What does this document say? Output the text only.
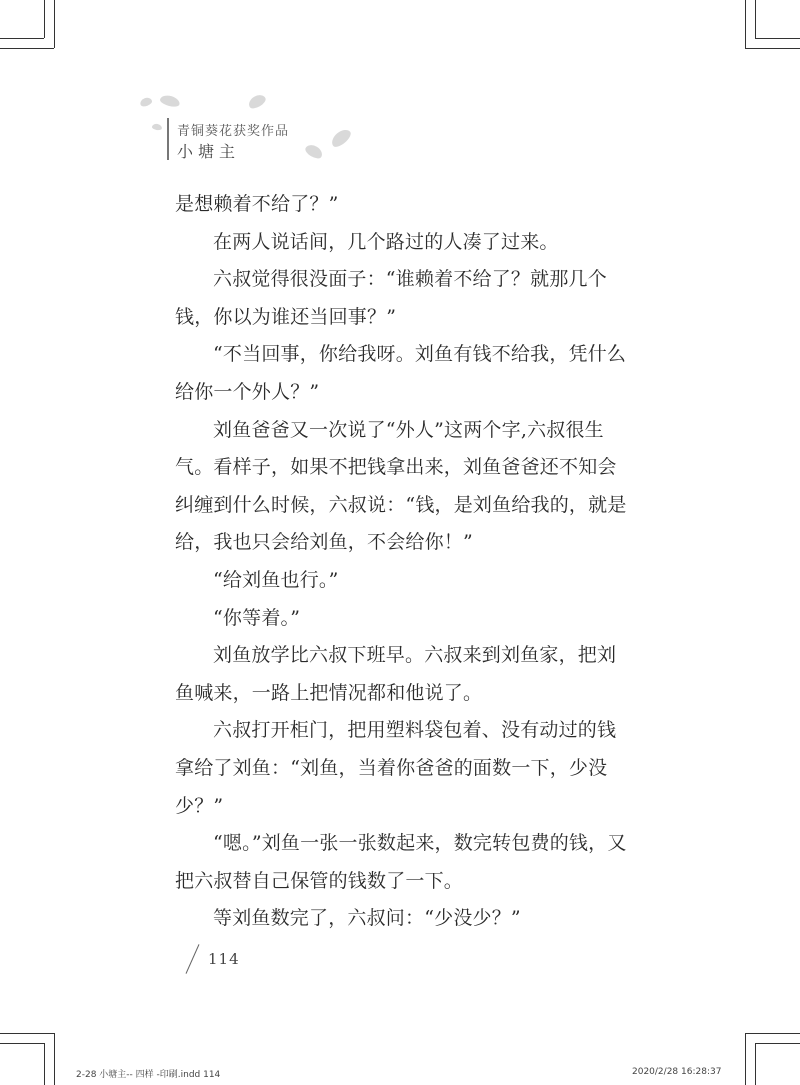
青铜葵花获奖作品
小塘主

是想赖着不给了？”

在两人说话间，几个路过的人凑了过来。

六叔觉得很没面子：“谁赖着不给了？就那几个钱，你以为谁还当回事？”

“不当回事，你给我呀。刘鱼有钱不给我，凭什么给你一个外人？”

刘鱼爸爸又一次说了“外人”这两个字,六叔很生气。看样子，如果不把钱拿出来，刘鱼爸爸还不知会纠缠到什么时候，六叔说：“钱，是刘鱼给我的，就是给，我也只会给刘鱼，不会给你！”

“给刘鱼也行。”

“你等着。”

刘鱼放学比六叔下班早。六叔来到刘鱼家，把刘鱼喊来，一路上把情况都和他说了。

六叔打开柜门，把用塑料袋包着、没有动过的钱拿给了刘鱼：“刘鱼，当着你爸爸的面数一下，少没少？”

“嗯。”刘鱼一张一张数起来，数完转包费的钱，又把六叔替自己保管的钱数了一下。

等刘鱼数完了，六叔问：“少没少？”

114
2-28 小塘主-- 四样 -印刷.indd 114	2020/2/28 16:28:37
